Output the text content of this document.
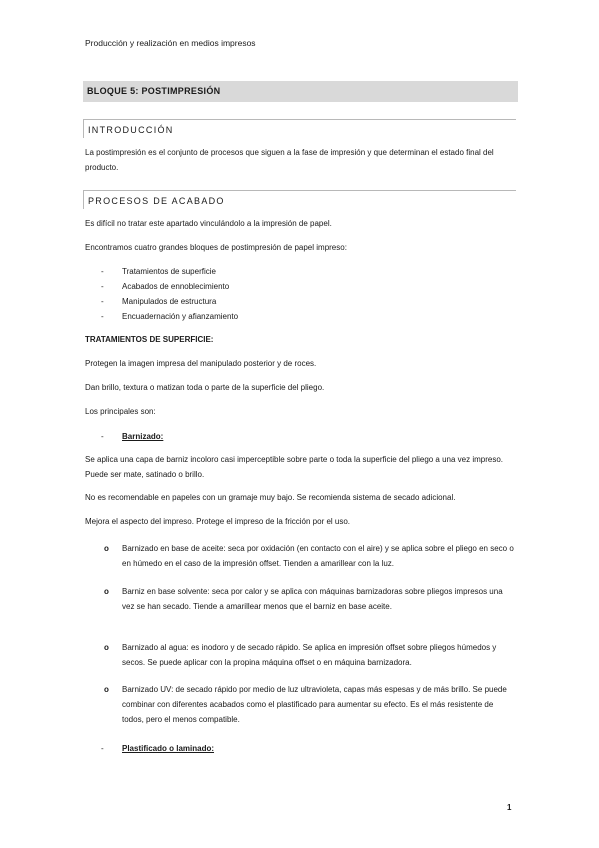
Producción y realización en medios impresos
BLOQUE 5: POSTIMPRESIÓN
INTRODUCCIÓN

La postimpresión es el conjunto de procesos que siguen a la fase de impresión y que determinan el estado final del producto.

PROCESOS DE ACABADO

Es difícil no tratar este apartado vinculándolo a la impresión de papel.

Encontramos cuatro grandes bloques de postimpresión de papel impreso:

- Tratamientos de superficie
- Acabados de ennoblecimiento
- Manipulados de estructura
- Encuadernación y afianzamiento

TRATAMIENTOS DE SUPERFICIE:

Protegen la imagen impresa del manipulado posterior y de roces.

Dan brillo, textura o matizan toda o parte de la superficie del pliego.

Los principales son:

- Barnizado:

Se aplica una capa de barniz incoloro casi imperceptible sobre parte o toda la superficie del pliego a una vez impreso. Puede ser mate, satinado o brillo.

No es recomendable en papeles con un gramaje muy bajo. Se recomienda sistema de secado adicional.

Mejora el aspecto del impreso. Protege el impreso de la fricción por el uso.

o Barnizado en base de aceite: seca por oxidación (en contacto con el aire) y se aplica sobre el pliego en seco o en húmedo en el caso de la impresión offset. Tienden a amarillear con la luz.

o Barniz en base solvente: seca por calor y se aplica con máquinas barnizadoras sobre pliegos impresos una vez se han secado. Tiende a amarillear menos que el barniz en base aceite.

o Barnizado al agua: es inodoro y de secado rápido. Se aplica en impresión offset sobre pliegos húmedos y secos. Se puede aplicar con la propina máquina offset o en máquina barnizadora.

o Barnizado UV: de secado rápido por medio de luz ultravioleta, capas más espesas y de más brillo. Se puede combinar con diferentes acabados como el plastificado para aumentar su efecto. Es el más resistente de todos, pero el menos compatible.

- Plastificado o laminado:
1
